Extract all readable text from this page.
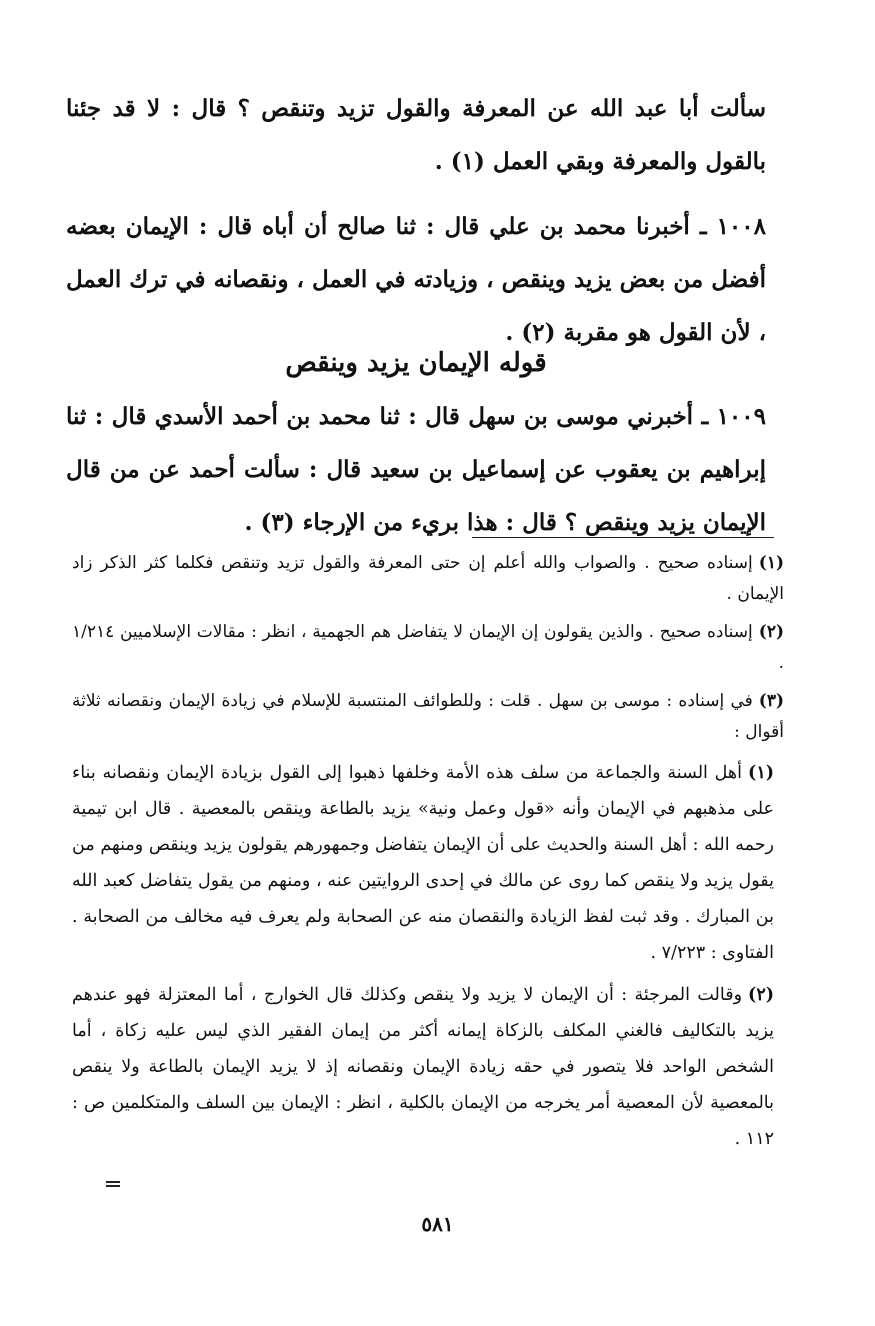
سألت أبا عبد الله عن المعرفة والقول تزيد وتنقص ؟ قال : لا قد جئنا بالقول والمعرفة وبقي العمل (١) .

١٠٠٨ ـ أخبرنا محمد بن علي قال : ثنا صالح أن أباه قال : الإيمان بعضه أفضل من بعض يزيد وينقص ، وزيادته في العمل ، ونقصانه في ترك العمل ، لأن القول هو مقربة (٢) .

قوله الإيمان يزيد وينقص

١٠٠٩ ـ أخبرني موسى بن سهل قال : ثنا محمد بن أحمد الأسدي قال : ثنا إبراهيم بن يعقوب عن إسماعيل بن سعيد قال : سألت أحمد عن من قال الإيمان يزيد وينقص ؟ قال : هذا بريء من الإرجاء (٣) .

(١)إسناده صحيح . والصواب والله أعلم إن حتى المعرفة والقول تزيد وتنقص فكلما كثر الذكر زاد الإيمان .

(٢)إسناده صحيح . والذين يقولون إن الإيمان لا يتفاضل هم الجهمية ، انظر : مقالات الإسلاميين ١/٢١٤ .

(٣)في إسناده : موسى بن سهل . قلت : وللطوائف المنتسبة للإسلام في زيادة الإيمان ونقصانه ثلاثة أقوال :

(١)أهل السنة والجماعة من سلف هذه الأمة وخلفها ذهبوا إلى القول بزيادة الإيمان ونقصانه بناء على مذهبهم في الإيمان وأنه «قول وعمل ونية» يزيد بالطاعة وينقص بالمعصية . قال ابن تيمية رحمه الله : أهل السنة والحديث على أن الإيمان يتفاضل وجمهورهم يقولون يزيد وينقص ومنهم من يقول يزيد ولا ينقص كما روى عن مالك في إحدى الروايتين عنه ، ومنهم من يقول يتفاضل كعبد الله بن المبارك . وقد ثبت لفظ الزيادة والنقصان منه عن الصحابة ولم يعرف فيه مخالف من الصحابة . الفتاوى : ٧/٢٢٣ .

(٢)وقالت المرجئة : أن الإيمان لا يزيد ولا ينقص وكذلك قال الخوارج ، أما المعتزلة فهو عندهم يزيد بالتكاليف فالغني المكلف بالزكاة إيمانه أكثر من إيمان الفقير الذي ليس عليه زكاة ، أما الشخص الواحد فلا يتصور في حقه زيادة الإيمان ونقصانه إذ لا يزيد الإيمان بالطاعة ولا ينقص بالمعصية لأن المعصية أمر يخرجه من الإيمان بالكلية ، انظر : الإيمان بين السلف والمتكلمين ص : ١١٢ .

٥٨١
